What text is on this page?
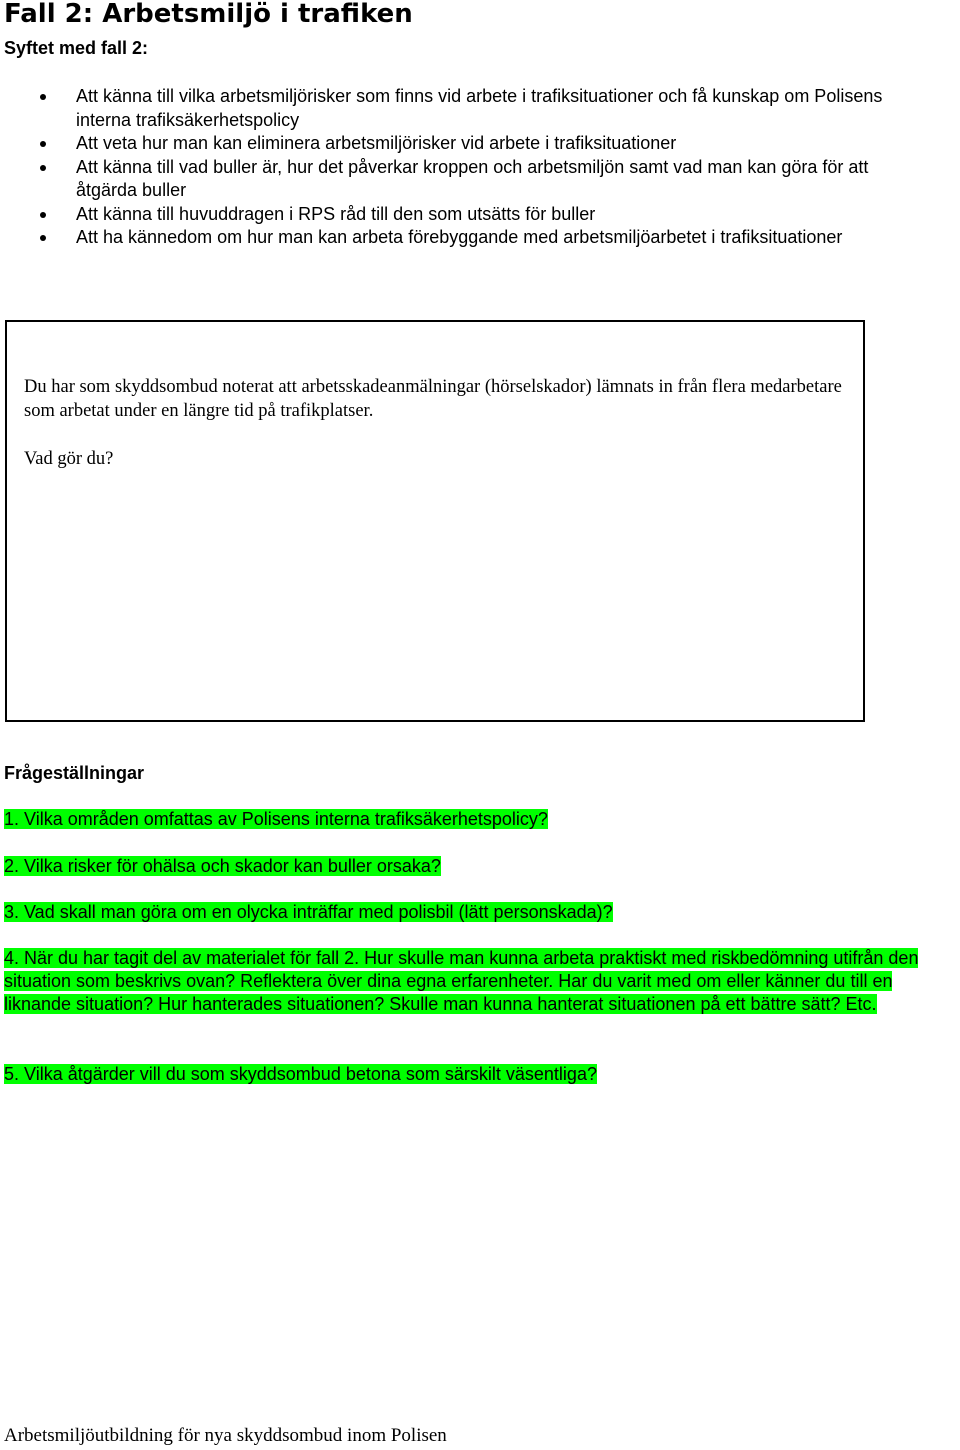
Fall 2: Arbetsmiljö i trafiken
Syftet med fall 2:
Att känna till vilka arbetsmiljörisker som finns vid arbete i trafiksituationer och få kunskap om Polisens interna trafiksäkerhetspolicy
Att veta hur man kan eliminera arbetsmiljörisker vid arbete i trafiksituationer
Att känna till vad buller är, hur det påverkar kroppen och arbetsmiljön samt vad man kan göra för att åtgärda buller
Att känna till huvuddragen i RPS råd till den som utsätts för buller
Att ha kännedom om hur man kan arbeta förebyggande med arbetsmiljöarbetet i trafiksituationer
Du har som skyddsombud noterat att arbetsskadeanmälningar (hörselskador) lämnats in från flera medarbetare som arbetat under en längre tid på trafikplatser.
Vad gör du?
Frågeställningar

1. Vilka områden omfattas av Polisens interna trafiksäkerhetspolicy?

2. Vilka risker för ohälsa och skador kan buller orsaka?

3. Vad skall man göra om en olycka inträffar med polisbil (lätt personskada)?

4. När du har tagit del av materialet för fall 2. Hur skulle man kunna arbeta praktiskt med riskbedömning utifrån den situation som beskrivs ovan? Reflektera över dina egna erfarenheter. Har du varit med om eller känner du till en liknande situation? Hur hanterades situationen? Skulle man kunna hanterat situationen på ett bättre sätt? Etc.

5. Vilka åtgärder vill du som skyddsombud betona som särskilt väsentliga?

Arbetsmiljöutbildning för nya skyddsombud inom Polisen
